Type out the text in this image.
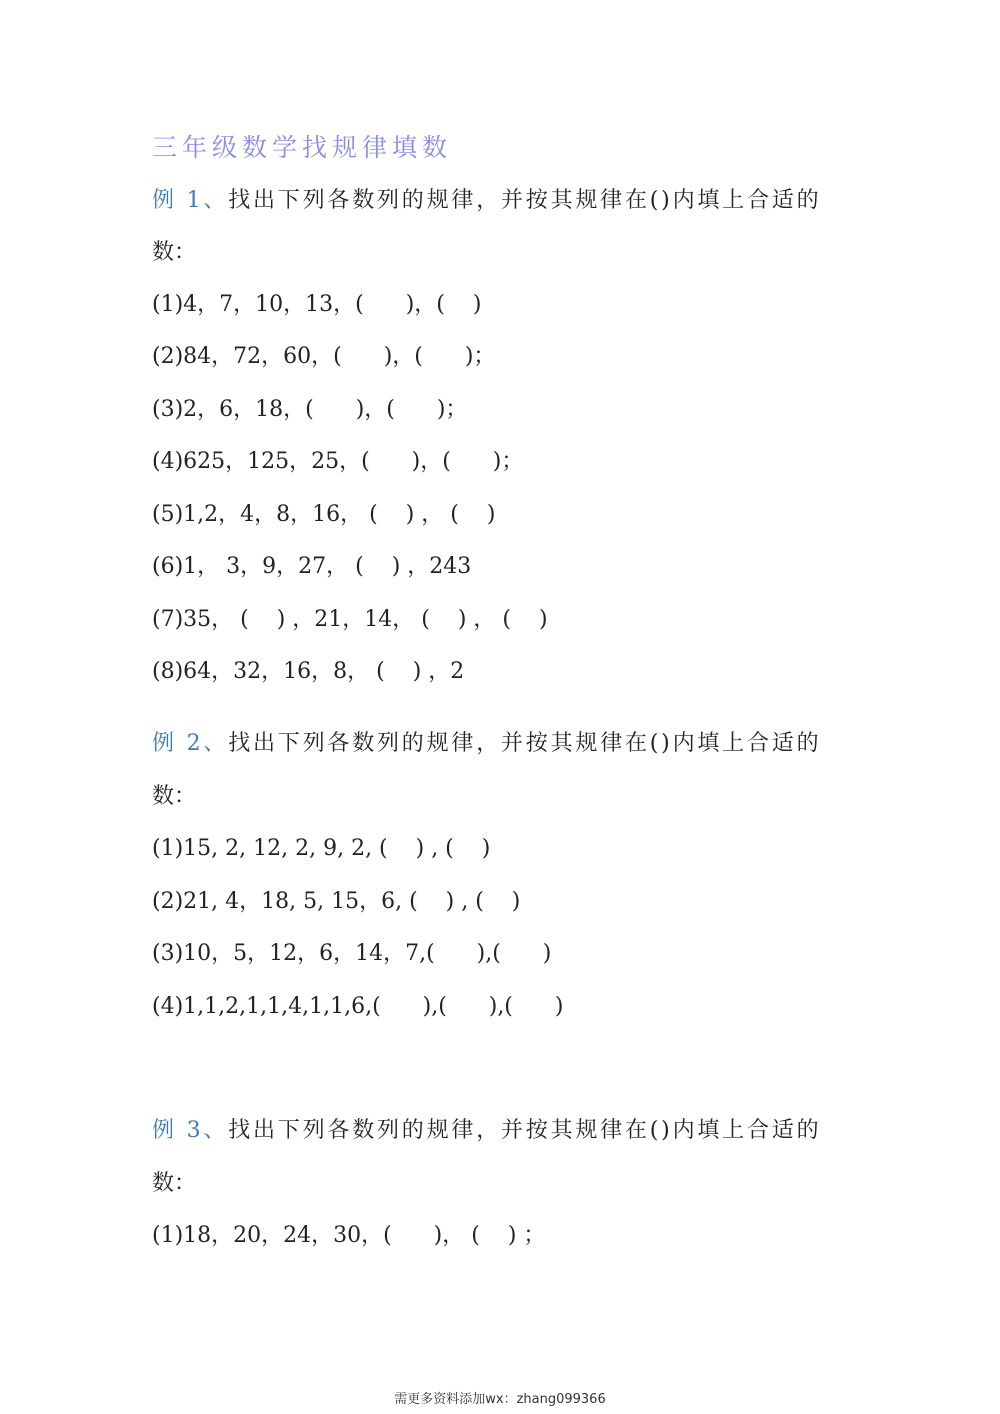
三年级数学找规律填数
例 1、找出下列各数列的规律，并按其规律在()内填上合适的
数：
(1)4，7，10，13，(      )，(    )
(2)84，72，60，(      )，(      )；
(3)2，6，18，(      )，(      )；
(4)625，125，25，(      )，(      )；
(5)1,2，4，8，16， (    ) ， (    )
(6)1， 3，9，27， (    ) ，243
(7)35， (    ) ，21，14， (    ) ， (    )
(8)64，32，16，8， (    ) ，2
例 2、找出下列各数列的规律，并按其规律在()内填上合适的
数：
(1)15, 2, 12, 2, 9, 2, (    ) , (    )
(2)21, 4，18, 5, 15，6, (    ) , (    )
(3)10，5，12，6，14，7,(      ),(      )
(4)1,1,2,1,1,4,1,1,6,(      ),(      ),(      )
例 3、找出下列各数列的规律，并按其规律在()内填上合适的
数：
(1)18，20，24，30，(      )， (    ) ；
需更多资料添加wx：zhang099366
